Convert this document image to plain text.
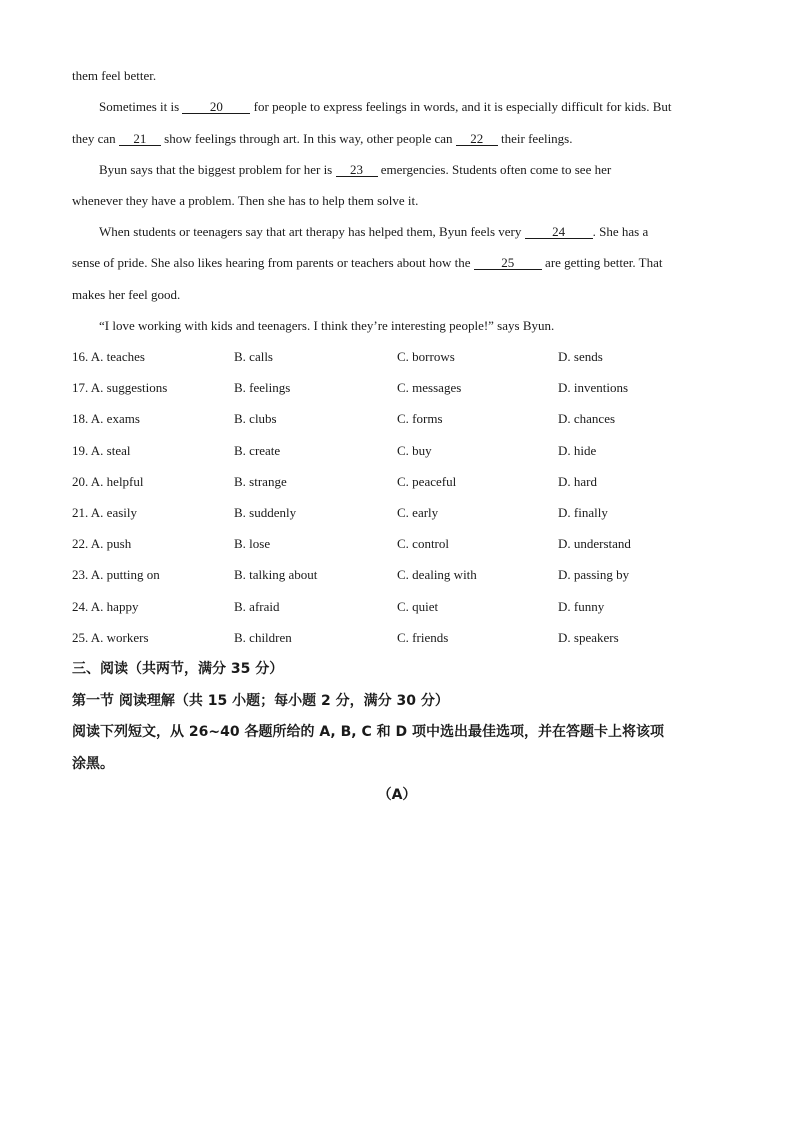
them feel better.
Sometimes it is 20 for people to express feelings in words, and it is especially difficult for kids. But
they can 21 show feelings through art. In this way, other people can 22 their feelings.
Byun says that the biggest problem for her is 23 emergencies. Students often come to see her
whenever they have a problem. Then she has to help them solve it.
When students or teenagers say that art therapy has helped them, Byun feels very 24 . She has a
sense of pride. She also likes hearing from parents or teachers about how the 25 are getting better. That
makes her feel good.
“I love working with kids and teenagers. I think they’re interesting people!” says Byun.
16. A. teaches	B. calls	C. borrows	D. sends
17. A. suggestions	B. feelings	C. messages	D. inventions
18. A. exams	B. clubs	C. forms	D. chances
19. A. steal	B. create	C. buy	D. hide
20. A. helpful	B. strange	C. peaceful	D. hard
21. A. easily	B. suddenly	C. early	D. finally
22. A. push	B. lose	C. control	D. understand
23. A. putting on	B. talking about	C. dealing with	D. passing by
24. A. happy	B. afraid	C. quiet	D. funny
25. A. workers	B. children	C. friends	D. speakers
三、阅读（共两节，满分 35 分）
第一节 阅读理解（共 15 小题；每小题 2 分，满分 30 分）
阅读下列短文，从 26~40 各题所给的 A, B, C 和 D 项中选出最佳选项，并在答题卡上将该项
涂黑。
（A）
